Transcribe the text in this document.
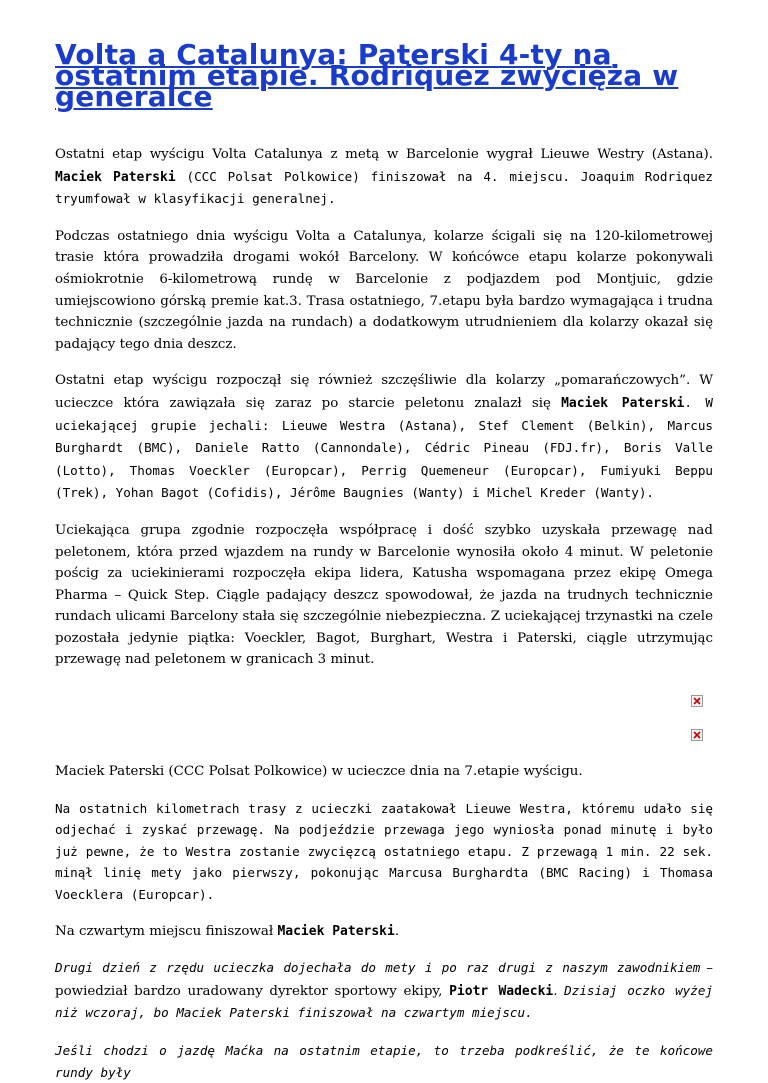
Volta a Catalunya: Paterski 4-ty na ostatnim etapie. Rodriquez zwycięża w generalce

Ostatni etap wyścigu Volta Catalunya z metą w Barcelonie wygrał Lieuwe Westry (Astana). Maciek Paterski (CCC Polsat Polkowice) finiszował na 4. miejscu. Joaquim Rodriquez tryumfował w klasyfikacji generalnej.

Podczas ostatniego dnia wyścigu Volta a Catalunya, kolarze ścigali się na 120-kilometrowej trasie która prowadziła drogami wokół Barcelony. W końcówce etapu kolarze pokonywali ośmiokrotnie 6-kilometrową rundę w Barcelonie z podjazdem pod Montjuic, gdzie umiejscowiono górską premie kat.3. Trasa ostatniego, 7.etapu była bardzo wymagająca i trudna technicznie (szczególnie jazda na rundach) a dodatkowym utrudnieniem dla kolarzy okazał się padający tego dnia deszcz.

Ostatni etap wyścigu rozpoczął się również szczęśliwie dla kolarzy „pomarańczowych”. W ucieczce która zawiązała się zaraz po starcie peletonu znalazł się Maciek Paterski. W uciekającej grupie jechali: Lieuwe Westra (Astana), Stef Clement (Belkin), Marcus Burghardt (BMC), Daniele Ratto (Cannondale), Cédric Pineau (FDJ.fr), Boris Valle (Lotto), Thomas Voeckler (Europcar), Perrig Quemeneur (Europcar), Fumiyuki Beppu (Trek), Yohan Bagot (Cofidis), Jérôme Baugnies (Wanty) i Michel Kreder (Wanty).

Uciekająca grupa zgodnie rozpoczęła współpracę i dość szybko uzyskała przewagę nad peletonem, która przed wjazdem na rundy w Barcelonie wynosiła około 4 minut. W peletonie pościg za uciekinierami rozpoczęła ekipa lidera, Katusha wspomagana przez ekipę Omega Pharma – Quick Step. Ciągle padający deszcz spowodował, że jazda na trudnych technicznie rundach ulicami Barcelony stała się szczególnie niebezpieczna. Z uciekającej trzynastki na czele pozostała jedynie piątka: Voeckler, Bagot, Burghart, Westra i Paterski, ciągle utrzymując przewagę nad peletonem w granicach 3 minut.

Maciek Paterski (CCC Polsat Polkowice) w ucieczce dnia na 7.etapie wyścigu.

Na ostatnich kilometrach trasy z ucieczki zaatakował Lieuwe Westra, któremu udało się odjechać i zyskać przewagę. Na podjeździe przewaga jego wyniosła ponad minutę i było już pewne, że to Westra zostanie zwycięzcą ostatniego etapu. Z przewagą 1 min. 22 sek. minął linię mety jako pierwszy, pokonując Marcusa Burghardta (BMC Racing) i Thomasa Voecklera (Europcar).

Na czwartym miejscu finiszował Maciek Paterski.

Drugi dzień z rzędu ucieczka dojechała do mety i po raz drugi z naszym zawodnikiem – powiedział bardzo uradowany dyrektor sportowy ekipy, Piotr Wadecki. Dzisiaj oczko wyżej niż wczoraj, bo Maciek Paterski finiszował na czwartym miejscu.

Jeśli chodzi o jazdę Maćka na ostatnim etapie, to trzeba podkreślić, że te końcowe rundy były
